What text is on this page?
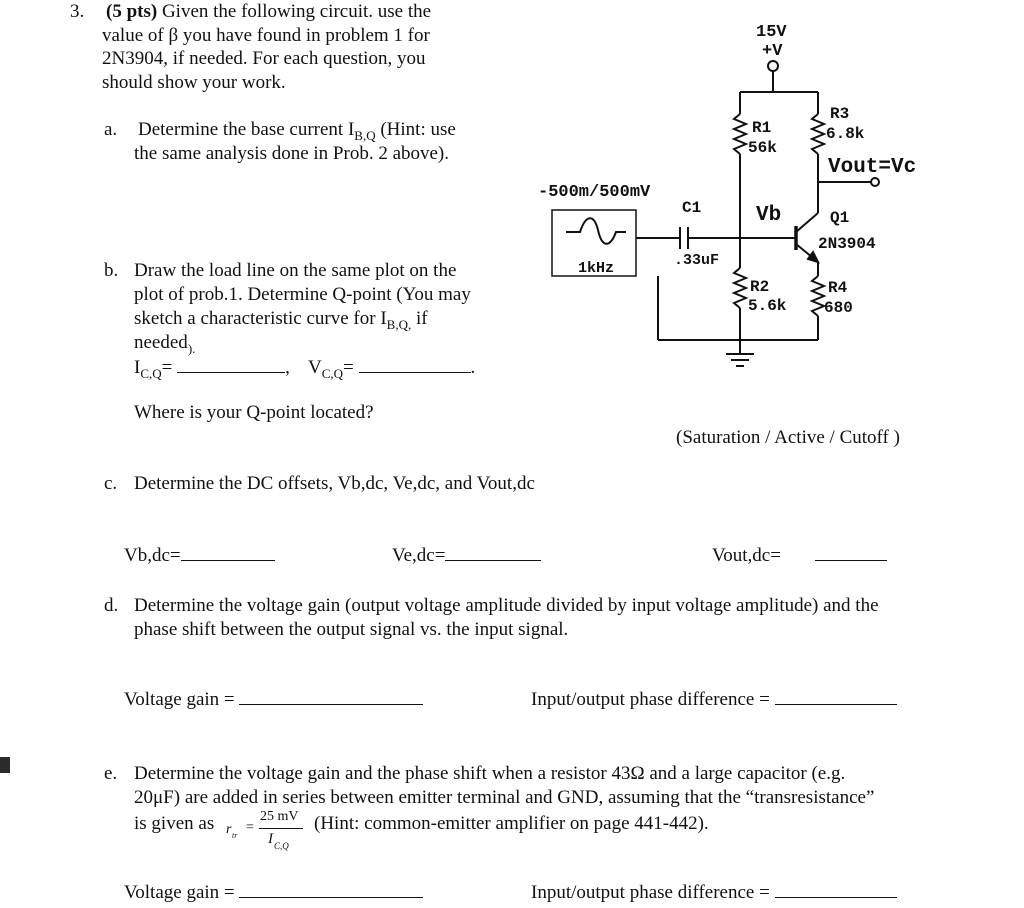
3. (5 pts) Given the following circuit. use the
value of β you have found in problem 1 for
2N3904, if needed. For each question, you
should show your work.
a. Determine the base current $I_{B,Q}$ (Hint: use
the same analysis done in Prob. 2 above).
b. Draw the load line on the same plot on the
plot of prob.1. Determine Q-point (You may
sketch a characteristic curve for $I_{B,Q,}$ if
needed$_{).}$
$I_{C,Q}=$	, $V_{C,Q}=$	.
Where is your Q-point located?
(Saturation / Active / Cutoff )
c. Determine the DC offsets, Vb,dc, Ve,dc, and Vout,dc
Vb,dc=	Ve,dc=	Vout,dc=
d. Determine the voltage gain (output voltage amplitude divided by input voltage amplitude) and the
phase shift between the output signal vs. the input signal.
Voltage gain =	Input/output phase difference =
e. Determine the voltage gain and the phase shift when a resistor 43Ω and a large capacitor (e.g.
20μF) are added in series between emitter terminal and GND, assuming that the “transresistance”
is given as r tr
=
25 mV
I C,Q
(Hint: common-emitter amplifier on page 441-442).
Voltage gain =	Input/output phase difference =
15V
+V
R1
56k
R3
6.8k
Vout=Vc
-500m/500mV
1kHz
C1
.33uF
Vb	Q1
2N3904
R2
5.6k
R4
680
